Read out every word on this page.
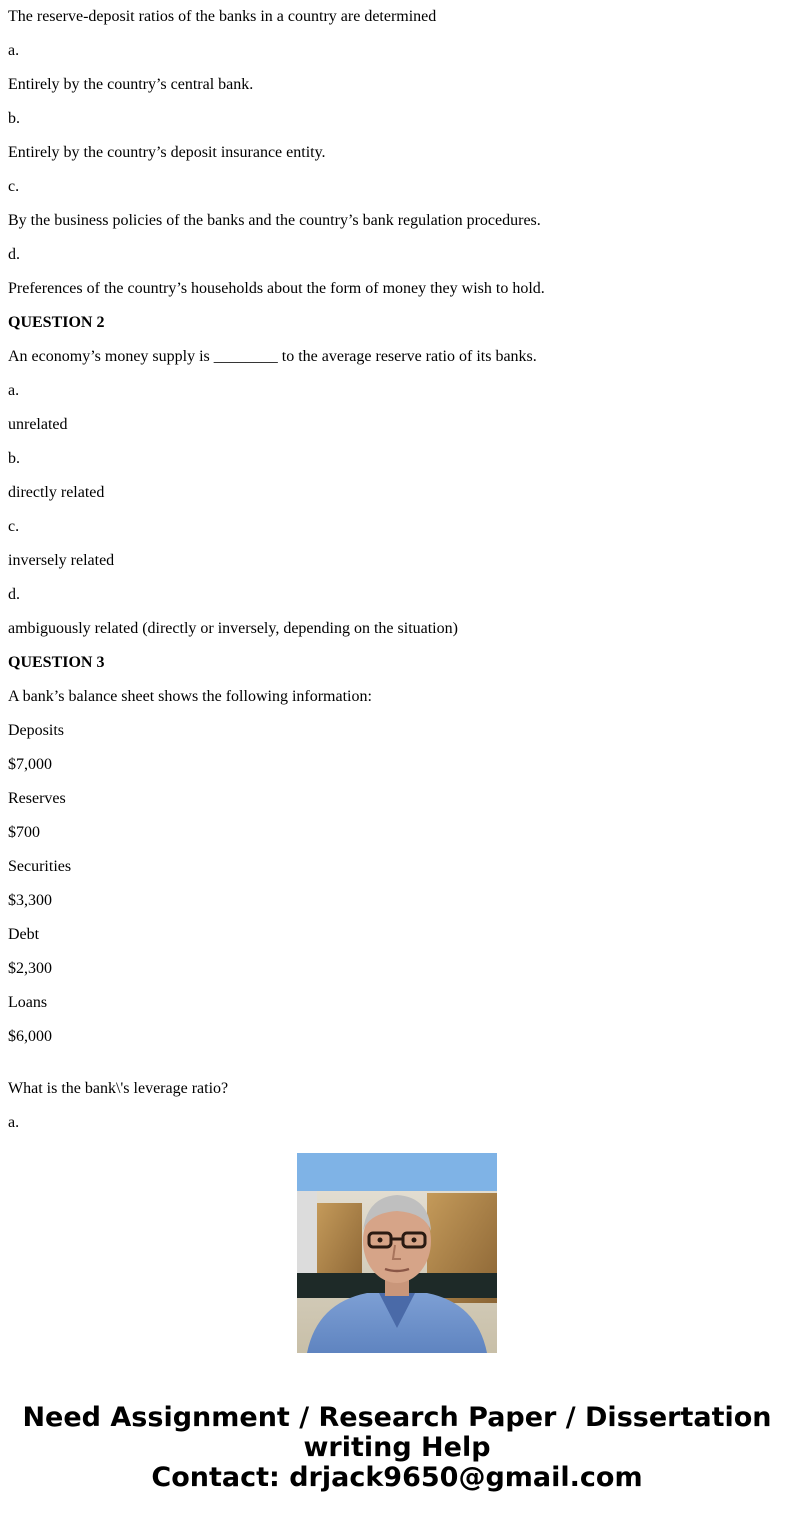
The reserve-deposit ratios of the banks in a country are determined
a.
Entirely by the country’s central bank.
b.
Entirely by the country’s deposit insurance entity.
c.
By the business policies of the banks and the country’s bank regulation procedures.
d.
Preferences of the country’s households about the form of money they wish to hold.
QUESTION 2
An economy’s money supply is ________ to the average reserve ratio of its banks.
a.
unrelated
b.
directly related
c.
inversely related
d.
ambiguously related (directly or inversely, depending on the situation)
QUESTION 3
A bank’s balance sheet shows the following information:
Deposits
$7,000
Reserves
$700
Securities
$3,300
Debt
$2,300
Loans
$6,000
What is the bank\'s leverage ratio?
a.
Need Assignment / Research Paper / Dissertation
writing Help
Contact: drjack9650@gmail.com
